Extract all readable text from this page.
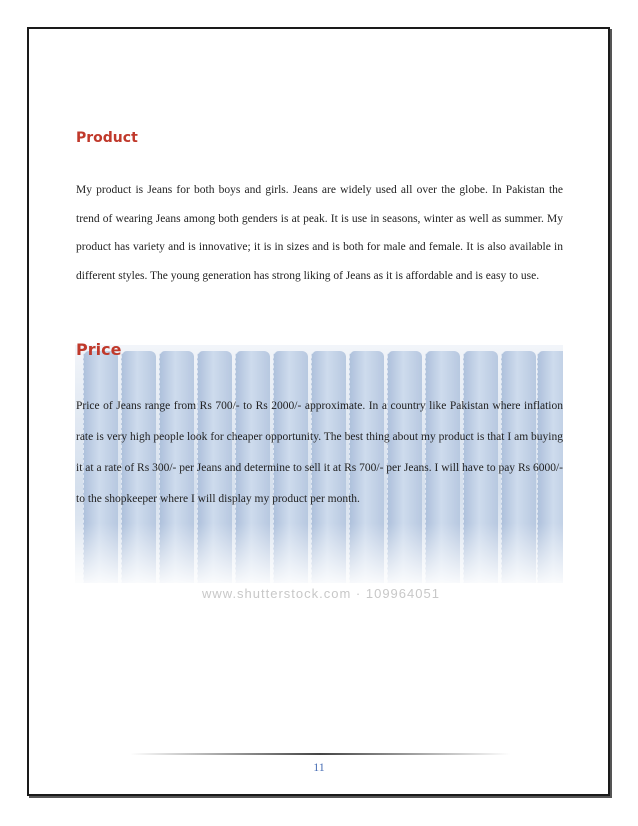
www.shutterstock.com · 109964051
Product

My product is Jeans for both boys and girls. Jeans are widely used all over the globe. In Pakistan the trend of wearing Jeans among both genders is at peak. It is use in seasons, winter as well as summer. My product has variety and is innovative; it is in sizes and is both for male and female. It is also available in different styles. The young generation has strong liking of Jeans as it is affordable and is easy to use.

Price

Price of Jeans range from Rs 700/- to Rs 2000/- approximate. In a country like Pakistan where inflation rate is very high people look for cheaper opportunity. The best thing about my product is that I am buying it at a rate of Rs 300/- per Jeans and determine to sell it at Rs 700/- per Jeans. I will have to pay Rs 6000/- to the shopkeeper where I will display my product per month.

11
